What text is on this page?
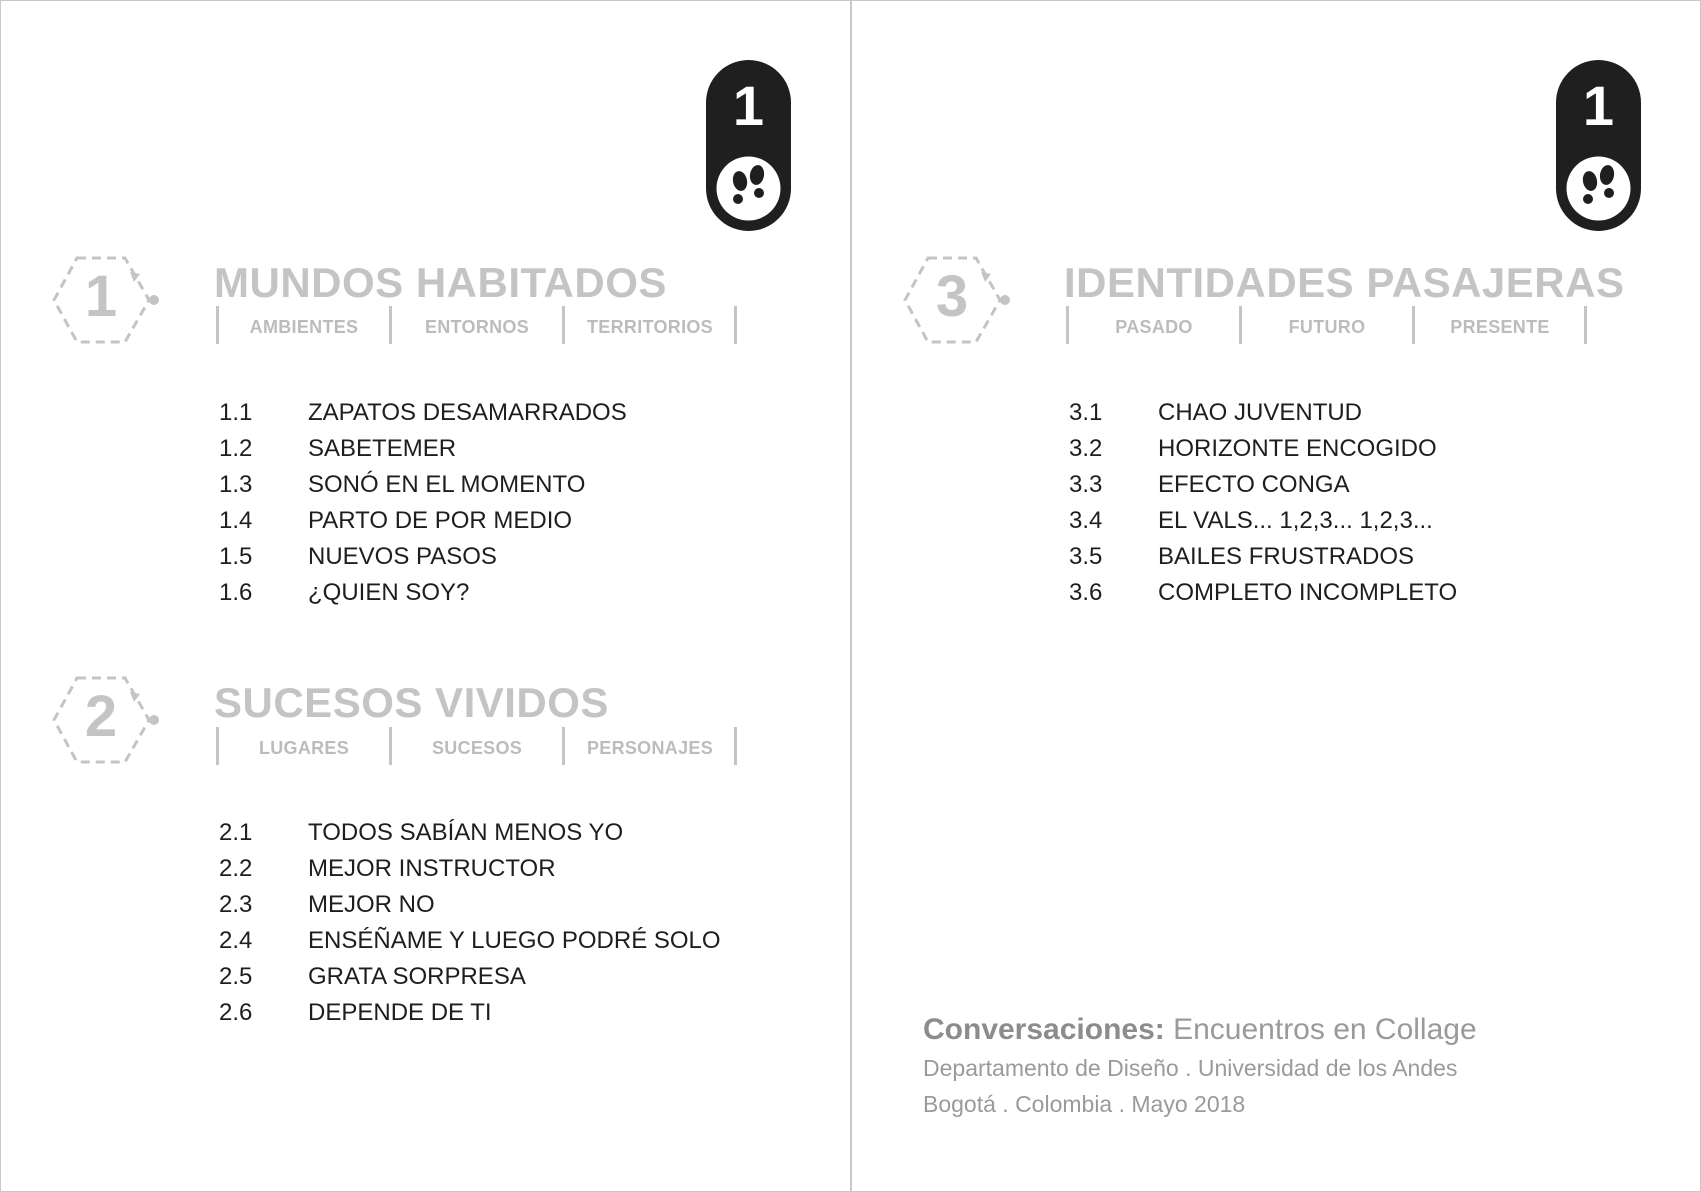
1
1	MUNDOS HABITADOS
AMBIENTES	ENTORNOS	TERRITORIOS
1.1 ZAPATOS DESAMARRADOS
1.2 SABETEMER
1.3 SONÓ EN EL MOMENTO
1.4 PARTO DE POR MEDIO
1.5 NUEVOS PASOS
1.6 ¿QUIEN SOY?
2	SUCESOS VIVIDOS
LUGARES	SUCESOS	PERSONAJES
2.1 TODOS SABÍAN MENOS YO
2.2 MEJOR INSTRUCTOR
2.3 MEJOR NO
2.4 ENSÉÑAME Y LUEGO PODRÉ SOLO
2.5 GRATA SORPRESA
2.6 DEPENDE DE TI
1
3	IDENTIDADES PASAJERAS
PASADO	FUTURO	PRESENTE
3.1 CHAO JUVENTUD
3.2 HORIZONTE ENCOGIDO
3.3 EFECTO CONGA
3.4 EL VALS... 1,2,3... 1,2,3...
3.5 BAILES FRUSTRADOS
3.6 COMPLETO INCOMPLETO
Conversaciones: Encuentros en Collage
Departamento de Diseño . Universidad de los Andes
Bogotá . Colombia . Mayo 2018
